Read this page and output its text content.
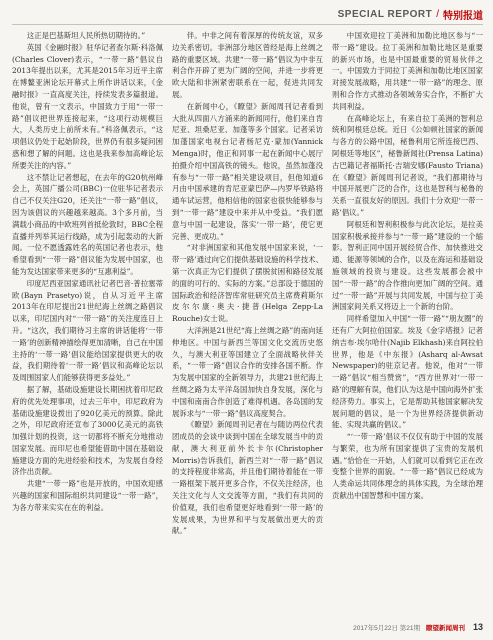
SPECIAL REPORT / 特别报道

这正是巴基斯坦人民所热切期待的。”

英国《金融时报》驻华记者查尔斯·科洛佩(Charles Clover)表示，“一带一路”倡议自2013年提出以来，尤其是2015年习近平主席在博鳌亚洲论坛开幕式上所作讲话以来，《金融时报》一直高度关注，持续发表多篇报道。他说，曾有一文表示，中国致力于用“一带一路”倡议把世界连接起来，“这项行动规模巨大，人类历史上前所未有。”科洛佩表示，“这项倡议仍处于起始阶段，世界仍有很多疑问困惑和想了解的问题。这也是我来参加高峰论坛所要关注的内容。”

这不禁让记者想起，在去年的G20杭州峰会上，英国广播公司(BBC)一位驻华记者表示自己不仅关注G20，还关注“一带一路”倡议，因为该倡议的兴趣越来越高。3个多月前，当满载小商品的中欧班列首抵伦敦时，BBC全程直播并列举其运行线路，成为引起轰动的大新闻。一位不愿透露姓名的英国记者也表示，他希望看到“一带一路”倡议能为发展中国家，也能为发达国家带来更多的“互惠利益”。

印度尼西亚国家通讯社记者巴音·普拉塞蒂欧(Bayn Prasetyo)说，自从习近平主席2013年在印尼提出21世纪海上丝绸之路倡议以来，印尼国内对“一带一路”的关注度连日上升。“这次，我们期待习主席的讲话能将‘一带一路’的创新精神描绘得更加清晰，自己在中国主持的‘一带一路’倡议能给国家提供更大的收益，我们期待着‘一带一路’倡议和高峰论坛以及周围国家人们能够获得更多益处。”

据了解，基础设施建设长期困扰着印尼政府的优先处理事项，过去三年中，印尼政府为基础设施建设拨出了920亿美元的预算。除此之外，印尼政府还宣布了3000亿美元的高铁加强计划的投资，这一切都将不断充分地推动国家发展。而印尼也希望能借助中国在基础设施建设方面的先进经验和技术，为发展自身经济作出贡献。

共建“一带一路”也是开放的，中国欢迎感兴趣的国家和国际组织共同建设“一带一路”，为各方带来实实在在的利益。

伴。中非之间有着深厚的传统友谊，双多边关系密切。非洲部分地区曾经是海上丝绸之路的重要区域。共建“一带一路”倡议为中非互利合作开辟了更为广阔的空间，并进一步将更欧大陆和非洲紧密联系在一起，促进共同发展。

在新闻中心，《瞭望》新闻周刊记者看到大批从四面八方涌来的新闻同行，他们来自肯尼亚、坦桑尼亚、加蓬等多个国家。记者采访加蓬国家电视台记者杨尼克·蒙加(Yannick Menga)时，他正和同事一起在新闻中心展厅拍摄介绍中国高铁的镜头。他说，虽然加蓬没有参与“一带一路”相关建设项目，但他知道6月由中国承建的肯尼亚蒙巴萨—内罗毕铁路将通车试运营，他相信他的国家也很快能够参与到“一带一路”建设中来并从中受益。“我们愿意与中国一起建设，落实‘一带一路’，使它更完善、更成功。”

“对非洲国家和其他发展中国家来说，‘一带一路’通过向它们提供基础设施的科学技术、第一次真正为它们提供了摆脱贫困和路径发展的面的可行的、实际的方案。”总部设于德国的国际政治和经济智库常驻研究员主席费莉斯尔皮尔尔康·奥夫·捷普(Helga Zepp-La Rouche)女士说。

大洋洲是21世纪“海上丝绸之路”的南向延伸地区。中国与新西兰等国文化交流历史悠久，与澳大利亚等国建立了全面战略伙伴关系，“一带一路”倡议合作的安排各国不断。作为发展中国家的全新领导力，共建21世纪海上丝绸之路为太平洋岛国加快自身发展，深化与中国和南南合作创造了难得机遇。各岛国的发展诉求与“一带一路”倡议高度契合。

《瞭望》新闻周刊记者在与随访两位代表团成员的会谈中谈到中国在全球发展当中的贡献，澳大利亚前外长卡尔(Christopher Morris)告诉我们，新西兰对“一带一路”倡议的支持程度非常高，并且他们期待着能在一带一路框架下展开更多合作，不仅关注经济，也关注文化与人文交流等方面，“我们有共同的价值观，我们也希望更好地看到‘一带一路’的发展成果，为世界和平与发展做出更大的贡献。”

中国欢迎拉丁美洲和加勒比地区参与“一带一路”建设。拉丁美洲和加勒比地区是重要的新兴市场，也是中国最重要的贸易伙伴之一。中国致力于同拉丁美洲和加勒比地区国家对接发展战略，用共建“一带一路”的理念、原则和合作方式推动各领域务实合作，不断扩大共同利益。

在高峰论坛上，有来自拉丁美洲的智利总统和阿根廷总统。近日《公如顿社国家的新闻与各方的公路中国，秘鲁利用它所连接巴西、阿根廷等地区”，秘鲁新闻社(Prensa Latina)古巴籍记者福斯托·吉瑞安娜(Fausto Triana)在《瞭望》新闻周刊记者说，“我们都期待与中国开展更广泛的合作，这也是智利与秘鲁的关系一直很友好的原因。我们十分欢迎‘一带一路’倡议。”

阿根廷和智利积极参与此次论坛，是拉美国家积极承接并参与“一带一路”建设的一个缩影。智利正同中国开展经贸合作、加快推进交通、能源等领域的合作，以及在海运和基础设施领域的投资与建设。这些发展都会被中国“一带一路”的合作推向更加广阔的空间。通过“一带一路”开展与共同发展，中国与拉丁美洲国家间关系又将迈上一个新的台阶。

同样希望加入中国“一带一路”“朋友圈”的还有广大阿拉伯国家。埃及《金字塔报》记者纳吉布·埃尔哈什(Najib Elkhash)来自阿拉伯世界，他是《中东报》(Asharq al-Awsat Newspaper)的驻京记者。他说，他对“一带一路”倡议“相当赞赏”，“西方世界对‘一带一路’的理解有误，他们认为这是中国向海外扩张经济势力。事实上，它是帮助其他国家解决发展问题的倡议，是一个为世界经济提供新动能、实现共赢的倡议。”

“‘一带一路’倡议不仅仅有助于中国的发展与繁荣，也为所有国家提供了宝贵的发展机遇。”恰恰在一开始，人们就可以看到它正在改变整个世界的面貌。“一带一路”倡议已经成为人类命运共同体理念的具体实践，为全球治理贡献出中国智慧和中国方案。

2017年5月22日 第21期 瞭望新闻周刊 13
